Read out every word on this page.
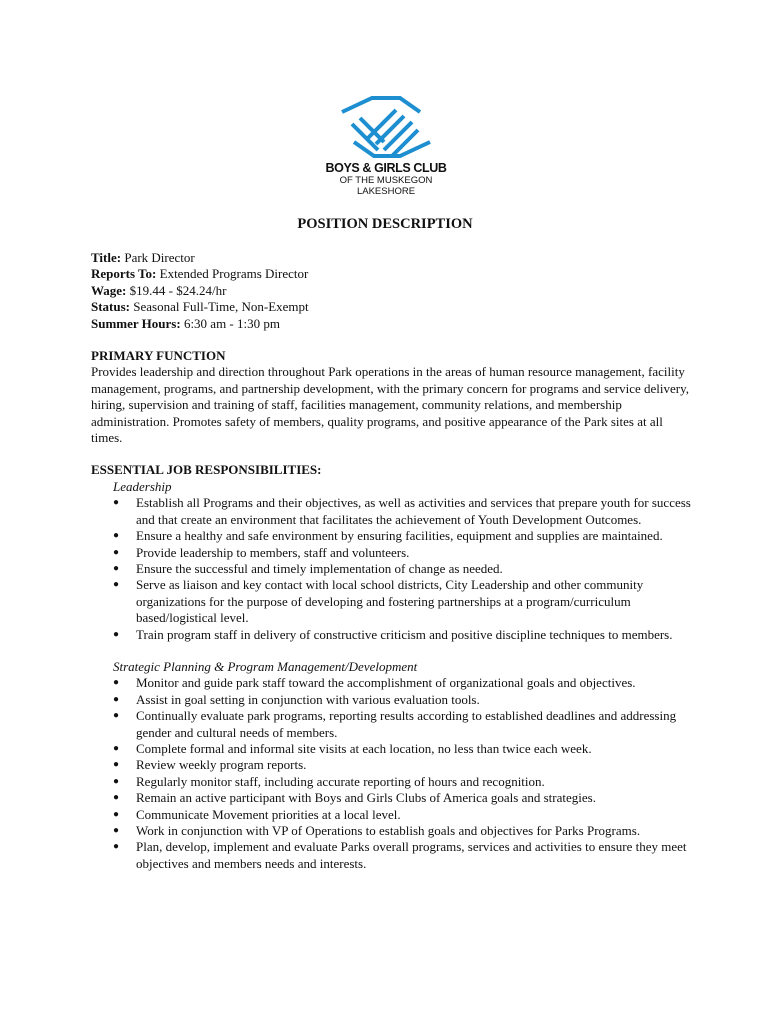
BOYS & GIRLS CLUB
OF THE MUSKEGON
LAKESHORE
POSITION DESCRIPTION

Title: Park Director

Reports To: Extended Programs Director

Wage: $19.44 - $24.24/hr

Status: Seasonal Full-Time, Non-Exempt

Summer Hours: 6:30 am - 1:30 pm

PRIMARY FUNCTION

Provides leadership and direction throughout Park operations in the areas of human resource management, facility management, programs, and partnership development, with the primary concern for programs and service delivery, hiring, supervision and training of staff, facilities management, community relations, and membership administration. Promotes safety of members, quality programs, and positive appearance of the Park sites at all times.

ESSENTIAL JOB RESPONSIBILITIES:
Leadership
● Establish all Programs and their objectives, as well as activities and services that prepare youth for success and that create an environment that facilitates the achievement of Youth Development Outcomes.
● Ensure a healthy and safe environment by ensuring facilities, equipment and supplies are maintained.
● Provide leadership to members, staff and volunteers.
● Ensure the successful and timely implementation of change as needed.
● Serve as liaison and key contact with local school districts, City Leadership and other community organizations for the purpose of developing and fostering partnerships at a program/curriculum based/logistical level.
● Train program staff in delivery of constructive criticism and positive discipline techniques to members.
Strategic Planning & Program Management/Development
● Monitor and guide park staff toward the accomplishment of organizational goals and objectives.
● Assist in goal setting in conjunction with various evaluation tools.
● Continually evaluate park programs, reporting results according to established deadlines and addressing gender and cultural needs of members.
● Complete formal and informal site visits at each location, no less than twice each week.
● Review weekly program reports.
● Regularly monitor staff, including accurate reporting of hours and recognition.
● Remain an active participant with Boys and Girls Clubs of America goals and strategies.
● Communicate Movement priorities at a local level.
● Work in conjunction with VP of Operations to establish goals and objectives for Parks Programs.
● Plan, develop, implement and evaluate Parks overall programs, services and activities to ensure they meet objectives and members needs and interests.
